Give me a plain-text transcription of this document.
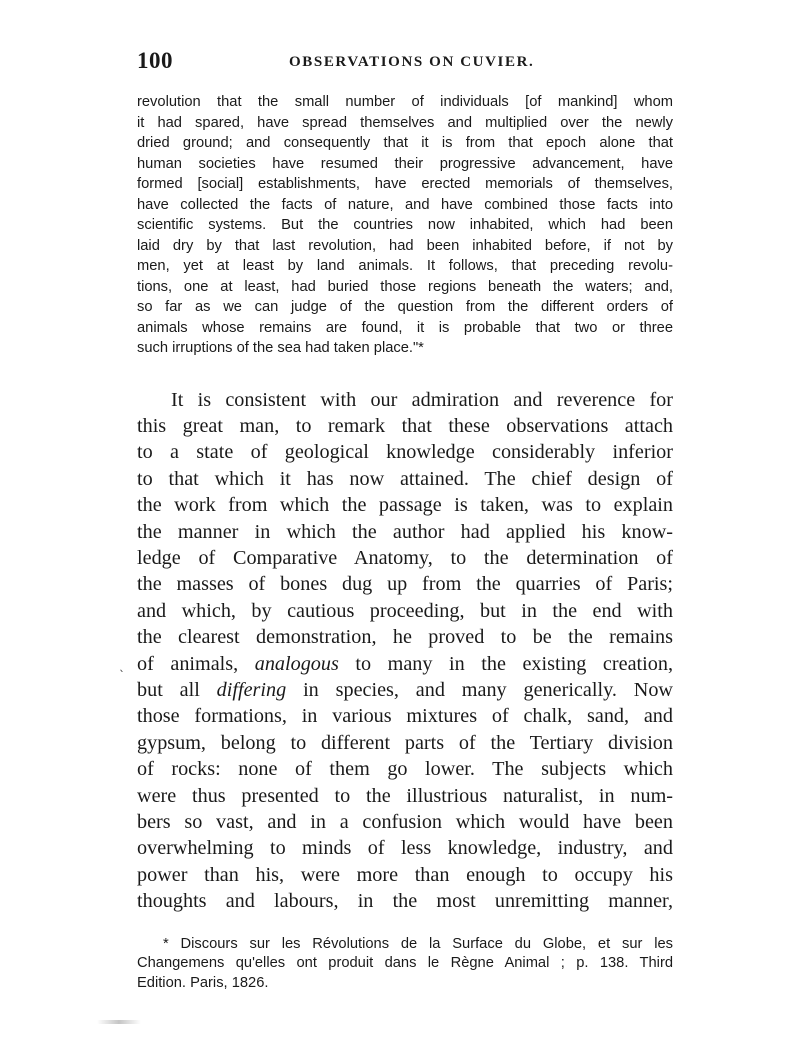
100	OBSERVATIONS ON CUVIER.
revolution that the small number of individuals [of mankind] whom
it had spared, have spread themselves and multiplied over the newly
dried ground; and consequently that it is from that epoch alone that
human societies have resumed their progressive advancement, have
formed [social] establishments, have erected memorials of themselves,
have collected the facts of nature, and have combined those facts into
scientific systems. But the countries now inhabited, which had been
laid dry by that last revolution, had been inhabited before, if not by
men, yet at least by land animals. It follows, that preceding revolu-
tions, one at least, had buried those regions beneath the waters; and,
so far as we can judge of the question from the different orders of
animals whose remains are found, it is probable that two or three
such irruptions of the sea had taken place."*
It is consistent with our admiration and reverence for
this great man, to remark that these observations attach
to a state of geological knowledge considerably inferior
to that which it has now attained. The chief design of
the work from which the passage is taken, was to explain
the manner in which the author had applied his know-
ledge of Comparative Anatomy, to the determination of
the masses of bones dug up from the quarries of Paris;
and which, by cautious proceeding, but in the end with
the clearest demonstration, he proved to be the remains
of animals, analogous to many in the existing creation,
but all differing in species, and many generically. Now
those formations, in various mixtures of chalk, sand, and
gypsum, belong to different parts of the Tertiary division
of rocks: none of them go lower. The subjects which
were thus presented to the illustrious naturalist, in num-
bers so vast, and in a confusion which would have been
overwhelming to minds of less knowledge, industry, and
power than his, were more than enough to occupy his
thoughts and labours, in the most unremitting manner,
* Discours sur les Révolutions de la Surface du Globe, et sur les
Changemens qu'elles ont produit dans le Règne Animal ; p. 138. Third
Edition. Paris, 1826.
ˎ
